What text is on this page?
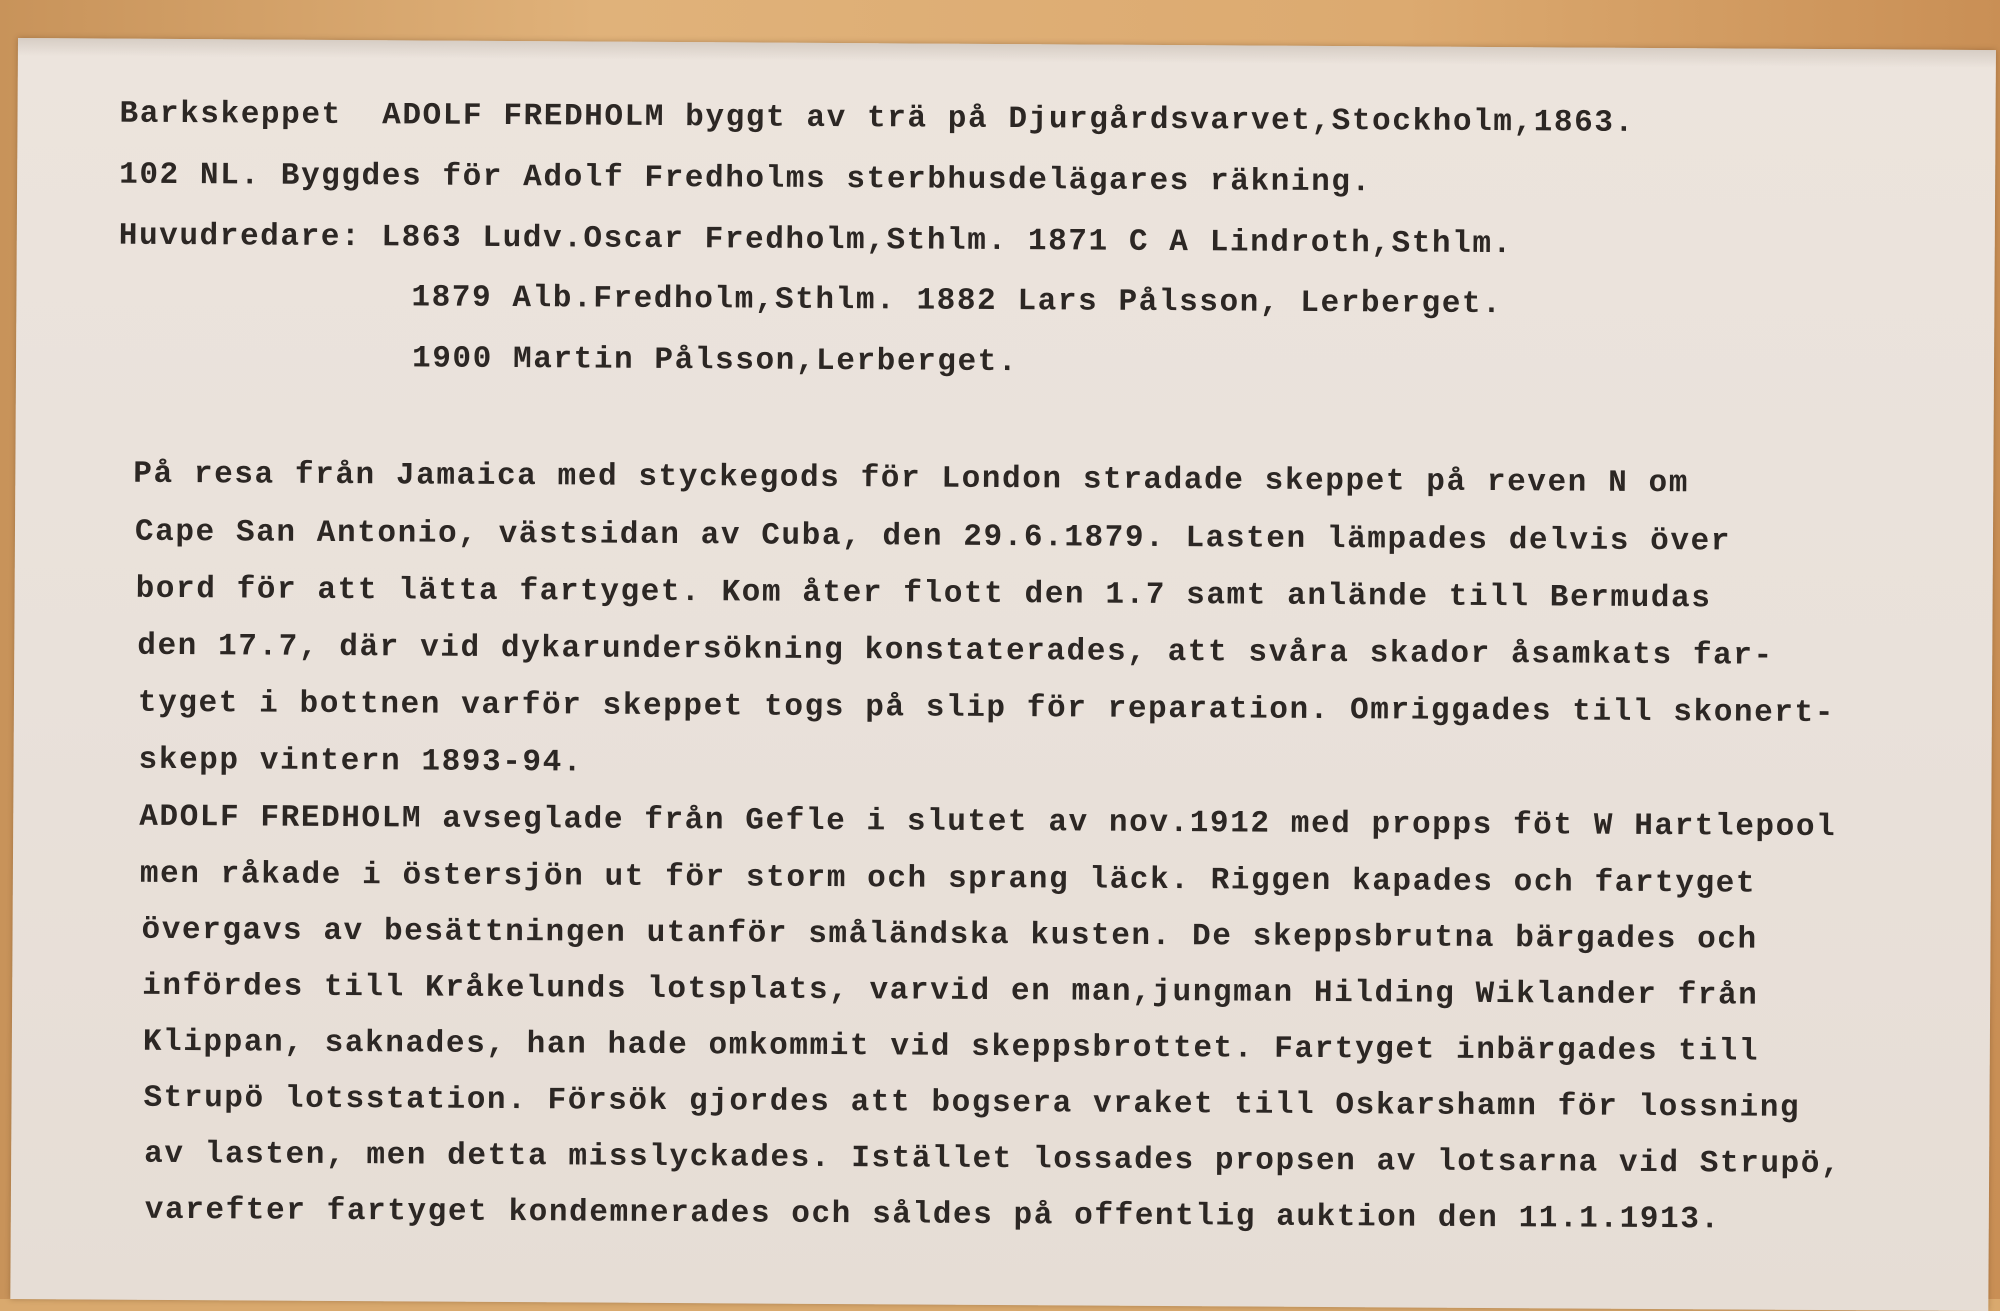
Barkskeppet  ADOLF FREDHOLM byggt av trä på Djurgårdsvarvet,Stockholm,1863.

102 NL. Byggdes för Adolf Fredholms sterbhusdelägares räkning.

Huvudredare: L863 Ludv.Oscar Fredholm,Sthlm. 1871 C A Lindroth,Sthlm.

1879 Alb.Fredholm,Sthlm. 1882 Lars Pålsson, Lerberget.

1900 Martin Pålsson,Lerberget.

På resa från Jamaica med styckegods för London stradade skeppet på reven N om

Cape San Antonio, västsidan av Cuba, den 29.6.1879. Lasten lämpades delvis över

bord för att lätta fartyget. Kom åter flott den 1.7 samt anlände till Bermudas

den 17.7, där vid dykarundersökning konstaterades, att svåra skador åsamkats far-

tyget i bottnen varför skeppet togs på slip för reparation. Omriggades till skonert-

skepp vintern 1893-94.

ADOLF FREDHOLM avseglade från Gefle i slutet av nov.1912 med propps föt W Hartlepool

men råkade i östersjön ut för storm och sprang läck. Riggen kapades och fartyget

övergavs av besättningen utanför småländska kusten. De skeppsbrutna bärgades och

infördes till Kråkelunds lotsplats, varvid en man,jungman Hilding Wiklander från

Klippan, saknades, han hade omkommit vid skeppsbrottet. Fartyget inbärgades till

Strupö lotsstation. Försök gjordes att bogsera vraket till Oskarshamn för lossning

av lasten, men detta misslyckades. Istället lossades propsen av lotsarna vid Strupö,

varefter fartyget kondemnerades och såldes på offentlig auktion den 11.1.1913.
